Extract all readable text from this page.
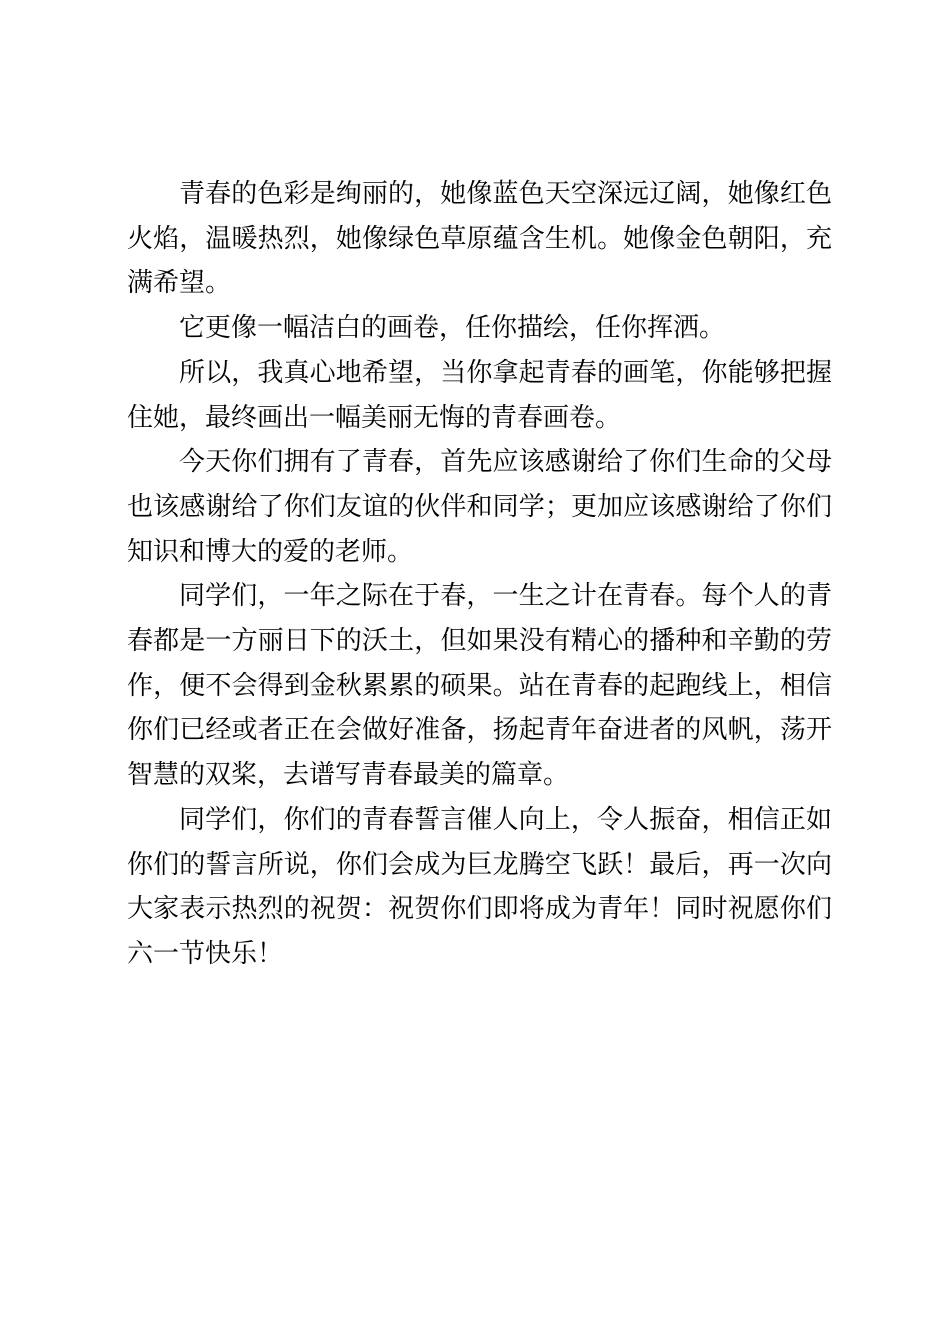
青春的色彩是绚丽的，她像蓝色天空深远辽阔，她像红色火焰，温暖热烈，她像绿色草原蕴含生机。她像金色朝阳，充满希望。

它更像一幅洁白的画卷，任你描绘，任你挥洒。

所以，我真心地希望，当你拿起青春的画笔，你能够把握住她，最终画出一幅美丽无悔的青春画卷。

今天你们拥有了青春，首先应该感谢给了你们生命的父母也该感谢给了你们友谊的伙伴和同学；更加应该感谢给了你们知识和博大的爱的老师。

同学们，一年之际在于春，一生之计在青春。每个人的青春都是一方丽日下的沃土，但如果没有精心的播种和辛勤的劳作，便不会得到金秋累累的硕果。站在青春的起跑线上，相信你们已经或者正在会做好准备，扬起青年奋进者的风帆，荡开智慧的双桨，去谱写青春最美的篇章。

同学们，你们的青春誓言催人向上，令人振奋，相信正如你们的誓言所说，你们会成为巨龙腾空飞跃！最后，再一次向大家表示热烈的祝贺：祝贺你们即将成为青年！同时祝愿你们六一节快乐！
